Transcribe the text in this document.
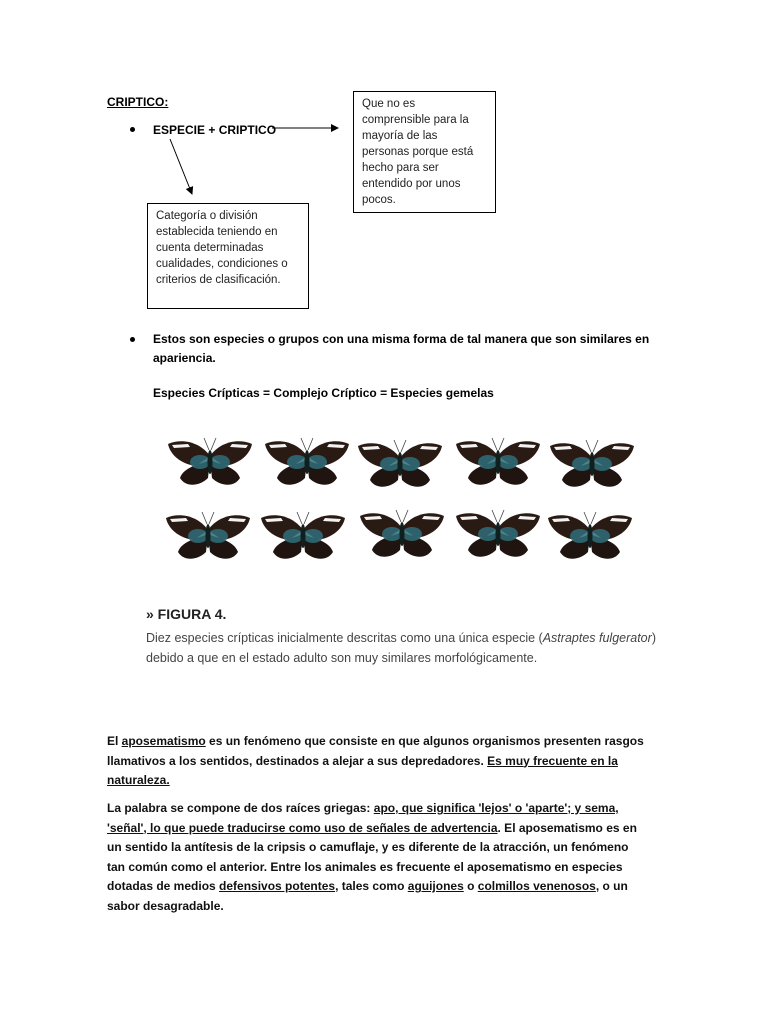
CRIPTICO:
ESPECIE + CRIPTICO
Que no es
comprensible para la
mayoría de las
personas porque está
hecho para ser
entendido por unos
pocos.
Categoría o división
establecida teniendo en
cuenta determinadas
cualidades, condiciones o
criterios de clasificación.
Estos son especies o grupos con una misma forma de tal manera que son similares en
apariencia.
Especies Crípticas = Complejo Críptico = Especies gemelas
» FIGURA 4.
Diez especies crípticas inicialmente descritas como una única especie (Astraptes fulgerator)
debido a que en el estado adulto son muy similares morfológicamente.
El aposematismo es un fenómeno que consiste en que algunos organismos presenten rasgos llamativos a los sentidos, destinados a alejar a sus depredadores. Es muy frecuente en la naturaleza.
La palabra se compone de dos raíces griegas: apo, que significa 'lejos' o 'aparte'; y sema, 'señal', lo que puede traducirse como uso de señales de advertencia. El aposematismo es en un sentido la antítesis de la cripsis o camuflaje, y es diferente de la atracción, un fenómeno tan común como el anterior. Entre los animales es frecuente el aposematismo en especies dotadas de medios defensivos potentes, tales como aguijones o colmillos venenosos, o un sabor desagradable.
